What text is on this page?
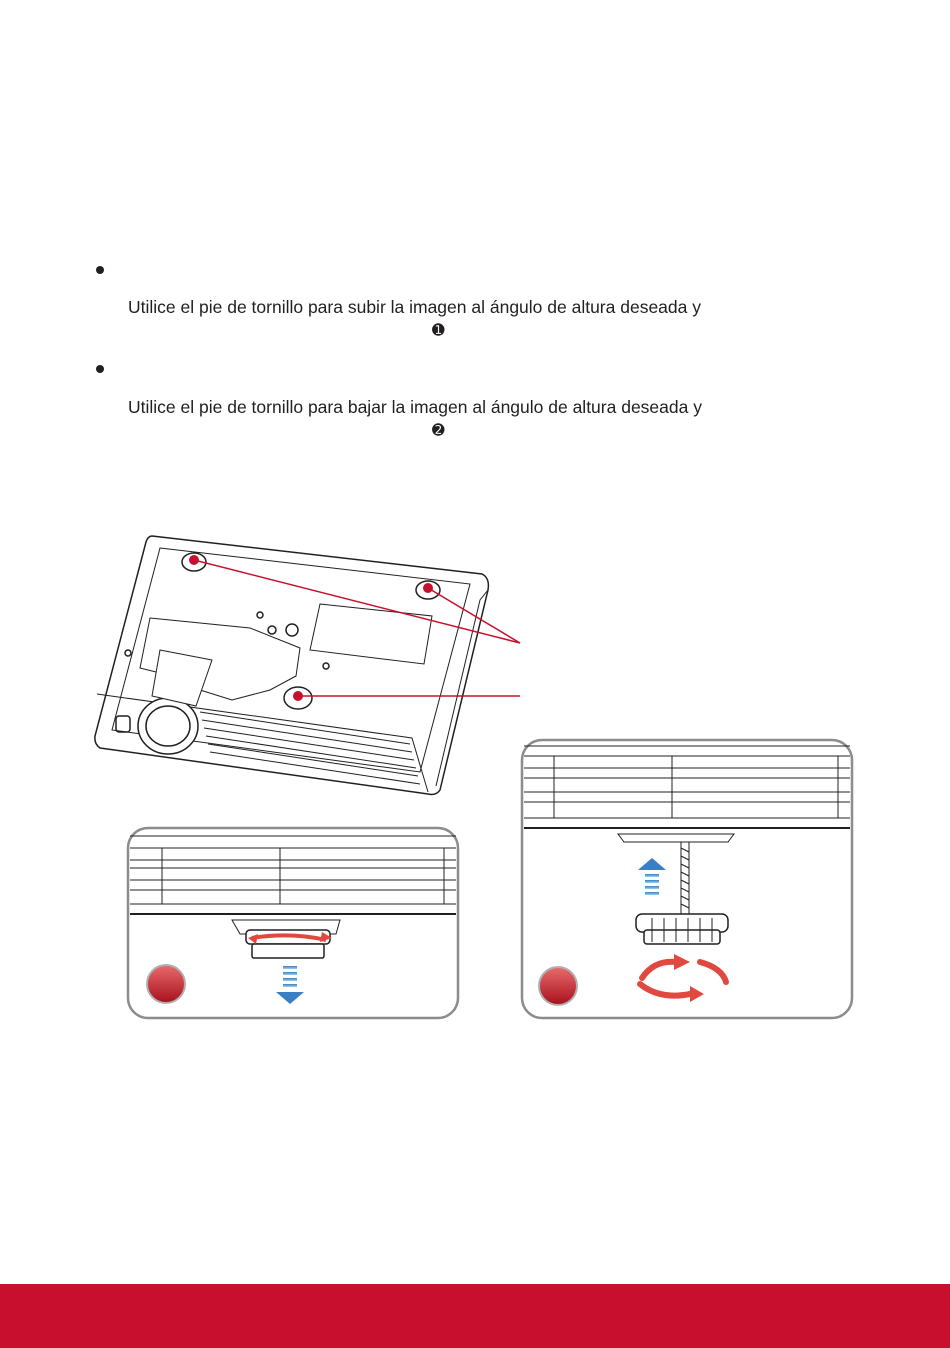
Utilice el pie de tornillo para subir la imagen al ángulo de altura deseada y
➊
Utilice el pie de tornillo para bajar la imagen al ángulo de altura deseada y
➋
